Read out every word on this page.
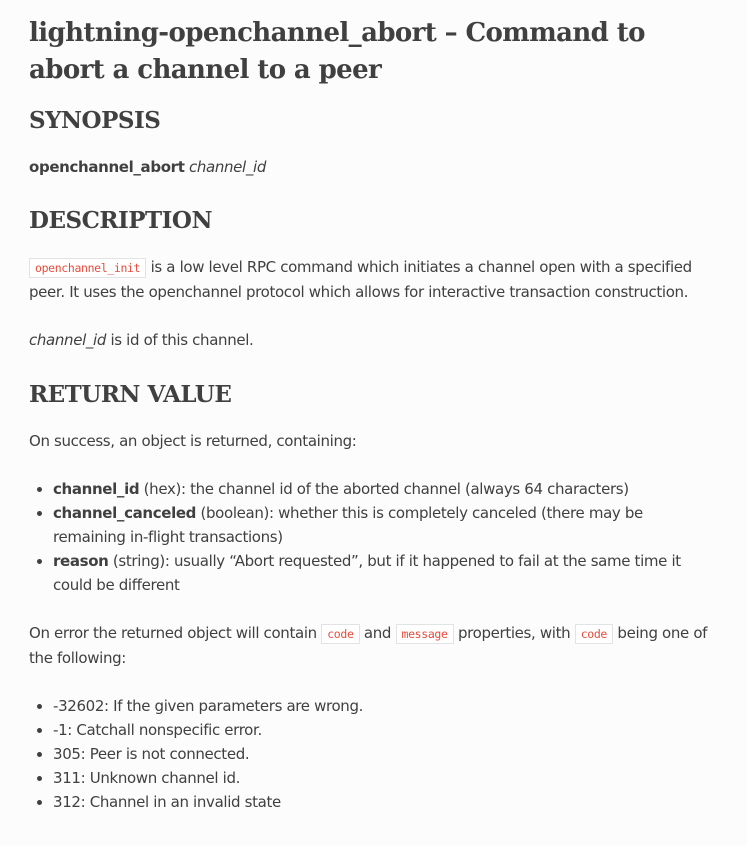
lightning-openchannel_abort – Command to abort a channel to a peer
SYNOPSIS

openchannel_abort channel_id

DESCRIPTION

openchannel_init is a low level RPC command which initiates a channel open with a specified peer. It uses the openchannel protocol which allows for interactive transaction construction.

channel_id is id of this channel.

RETURN VALUE

On success, an object is returned, containing:

• channel_id (hex): the channel id of the aborted channel (always 64 characters)
• channel_canceled (boolean): whether this is completely canceled (there may be remaining in-flight transactions)
• reason (string): usually “Abort requested”, but if it happened to fail at the same time it could be different

On error the returned object will contain code and message properties, with code being one of the following:

• -32602: If the given parameters are wrong.
• -1: Catchall nonspecific error.
• 305: Peer is not connected.
• 311: Unknown channel id.
• 312: Channel in an invalid state
